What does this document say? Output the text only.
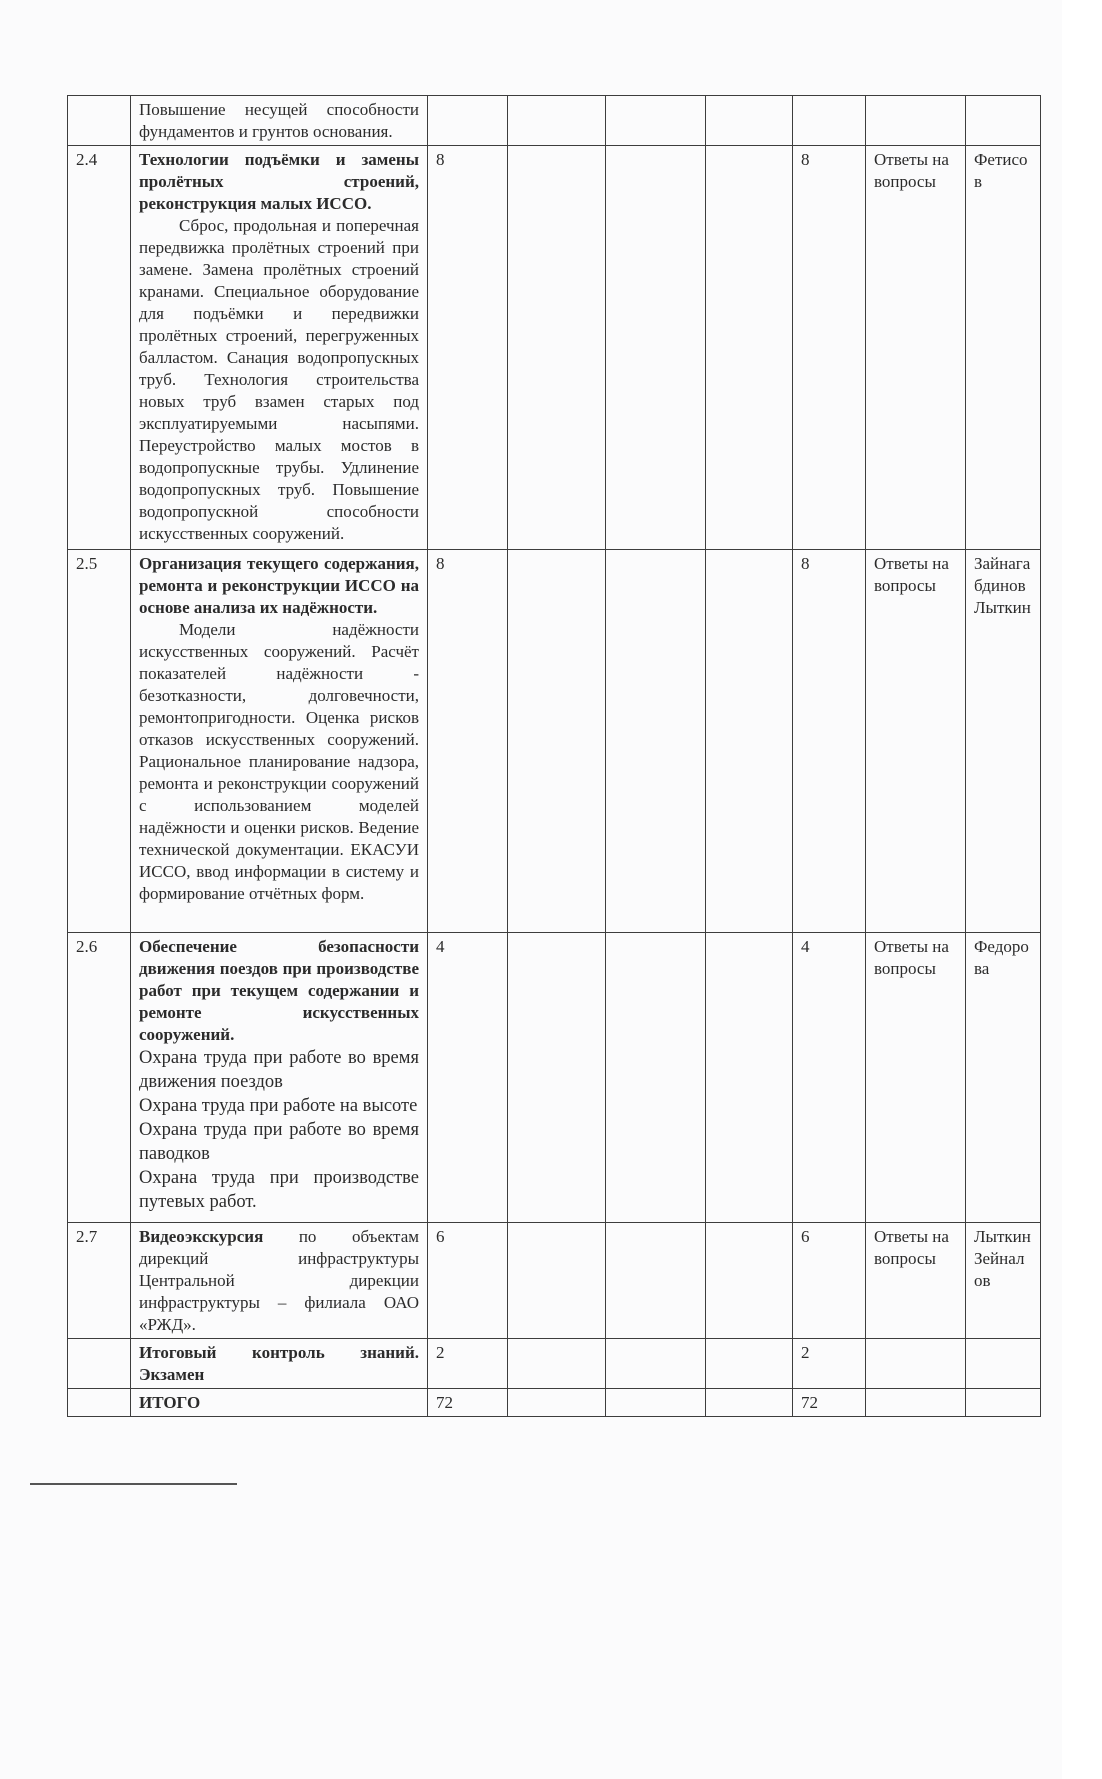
	Повышение несущей способности фундаментов и грунтов основания.							

2.4	Технологии подъёмки и замены пролётных строений, реконструкция малых ИССО.
Сброс, продольная и поперечная передвижка пролётных строений при замене. Замена пролётных строений кранами. Специальное оборудование для подъёмки и передвижки пролётных строений, перегруженных балластом. Санация водопропускных труб. Технология строительства новых труб взамен старых под эксплуатируемыми насыпями. Переустройство малых мостов в водопропускные трубы. Удлинение водопропускных труб. Повышение водопропускной способности искусственных сооружений.	8				8	Ответы на вопросы	Фетисов
2.5	Организация текущего содержания, ремонта и реконструкции ИССО на основе анализа их надёжности.
Модели надёжности искусственных сооружений. Расчёт показателей надёжности - безотказности, долговечности, ремонтопригодности. Оценка рисков отказов искусственных сооружений. Рациональное планирование надзора, ремонта и реконструкции сооружений с использованием моделей надёжности и оценки рисков. Ведение технической документации. ЕКАСУИ ИССО, ввод информации в систему и формирование отчётных форм.	8				8	Ответы на вопросы	Зайнагабдинов Лыткин
2.6	Обеспечение безопасности движения поездов при производстве работ при текущем содержании и ремонте искусственных сооружений.
Охрана труда при работе во время движения поездов
Охрана труда при работе на высоте
Охрана труда при работе во время паводков
Охрана труда при производстве путевых работ.	4				4	Ответы на вопросы	Федорова
2.7	Видеоэкскурсия по объектам дирекций инфраструктуры Центральной дирекции инфраструктуры – филиала ОАО «РЖД».	6				6	Ответы на вопросы	Лыткин Зейналов
	Итоговый контроль знаний. Экзамен	2				2		
	ИТОГО	72				72		
